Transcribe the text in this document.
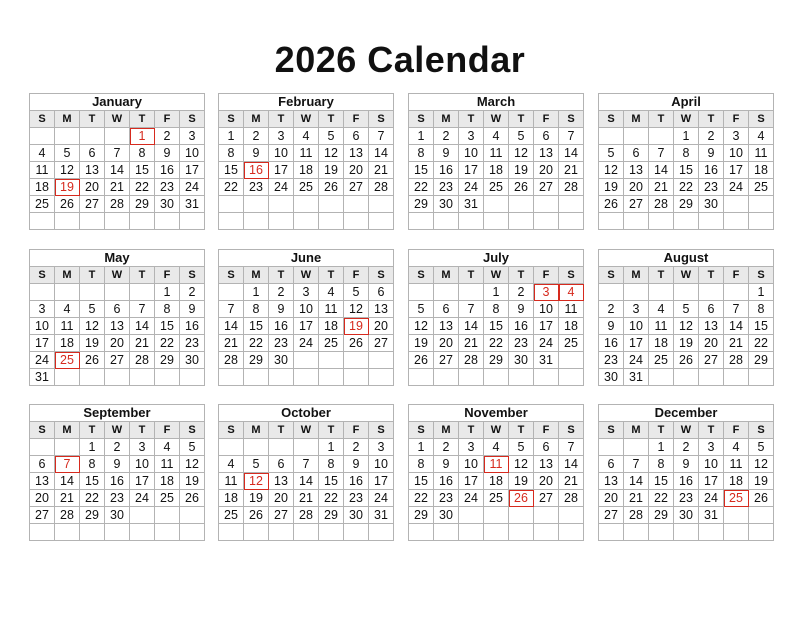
2026 Calendar
January						
S	M	T	W	T	F	S
				1	2	3
4	5	6	7	8	9	10
11	12	13	14	15	16	17
18	19	20	21	22	23	24
25	26	27	28	29	30	31

February						
S	M	T	W	T	F	S
1	2	3	4	5	6	7
8	9	10	11	12	13	14
15	16	17	18	19	20	21
22	23	24	25	26	27	28

March						
S	M	T	W	T	F	S
1	2	3	4	5	6	7
8	9	10	11	12	13	14
15	16	17	18	19	20	21
22	23	24	25	26	27	28
29	30	31				

April						
S	M	T	W	T	F	S
			1	2	3	4
5	6	7	8	9	10	11
12	13	14	15	16	17	18
19	20	21	22	23	24	25
26	27	28	29	30		

May						
S	M	T	W	T	F	S
					1	2
3	4	5	6	7	8	9
10	11	12	13	14	15	16
17	18	19	20	21	22	23
24	25	26	27	28	29	30
31						
June						
S	M	T	W	T	F	S
	1	2	3	4	5	6
7	8	9	10	11	12	13
14	15	16	17	18	19	20
21	22	23	24	25	26	27
28	29	30				

July						
S	M	T	W	T	F	S
			1	2	3	4
5	6	7	8	9	10	11
12	13	14	15	16	17	18
19	20	21	22	23	24	25
26	27	28	29	30	31	

August						
S	M	T	W	T	F	S
						1
2	3	4	5	6	7	8
9	10	11	12	13	14	15
16	17	18	19	20	21	22
23	24	25	26	27	28	29
30	31					
September						
S	M	T	W	T	F	S
		1	2	3	4	5
6	7	8	9	10	11	12
13	14	15	16	17	18	19
20	21	22	23	24	25	26
27	28	29	30			

October						
S	M	T	W	T	F	S
				1	2	3
4	5	6	7	8	9	10
11	12	13	14	15	16	17
18	19	20	21	22	23	24
25	26	27	28	29	30	31

November						
S	M	T	W	T	F	S
1	2	3	4	5	6	7
8	9	10	11	12	13	14
15	16	17	18	19	20	21
22	23	24	25	26	27	28
29	30					

December						
S	M	T	W	T	F	S
		1	2	3	4	5
6	7	8	9	10	11	12
13	14	15	16	17	18	19
20	21	22	23	24	25	26
27	28	29	30	31		
